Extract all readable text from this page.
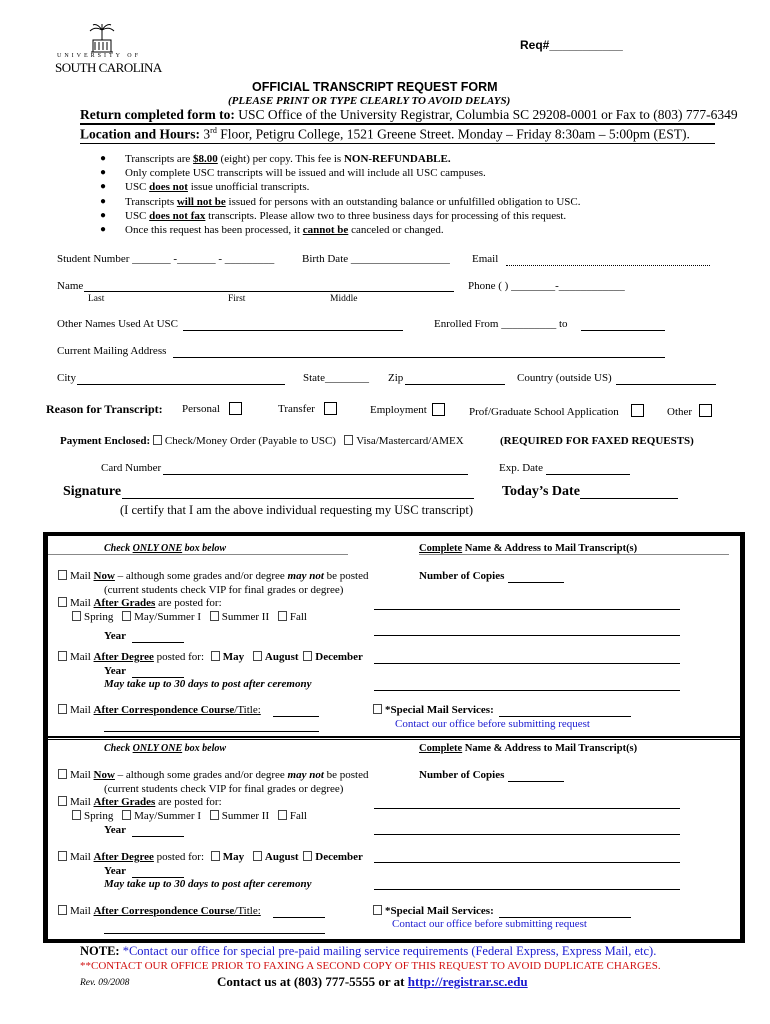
Req#___________
UNIVERSITY OF
SOUTH CAROLINA
OFFICIAL TRANSCRIPT REQUEST FORM
(PLEASE PRINT OR TYPE CLEARLY TO AVOID DELAYS)
Return completed form to: USC Office of the University Registrar, Columbia SC 29208-0001 or Fax to (803) 777-6349
Location and Hours: 3rd Floor, Petigru College, 1521 Greene Street. Monday – Friday 8:30am – 5:00pm (EST).
● Transcripts are $8.00 (eight) per copy. This fee is NON-REFUNDABLE.
● Only complete USC transcripts will be issued and will include all USC campuses.
● USC does not issue unofficial transcripts.
● Transcripts will not be issued for persons with an outstanding balance or unfulfilled obligation to USC.
● USC does not fax transcripts. Please allow two to three business days for processing of this request.
● Once this request has been processed, it cannot be canceled or changed.
Student Number _______ -_______ - _________	Birth Date __________________ Email
Name	Phone ( ) ________-____________
Last	First	Middle
Other Names Used At USC	Enrolled From __________ to
Current Mailing Address
City	State________ Zip	Country (outside US)
Reason for Transcript: Personal	Transfer	Employment	Prof/Graduate School Application	Other
Payment Enclosed: Check/Money Order (Payable to USC) Visa/Mastercard/AMEX	(REQUIRED FOR FAXED REQUESTS)
Card Number	Exp. Date
Signature	Today’s Date
(I certify that I am the above individual requesting my USC transcript)
Check ONLY ONE box below	Complete Name & Address to Mail Transcript(s)
Mail Now – although some grades and/or degree may not be posted
(current students check VIP for final grades or degree)
Number of Copies
Mail After Grades are posted for:
Spring May/Summer I Summer II Fall
Year
Mail After Degree posted for: May August December
Year
May take up to 30 days to post after ceremony
Mail After Correspondence Course/Title:	*Special Mail Services:
Contact our office before submitting request
Check ONLY ONE box below	Complete Name & Address to Mail Transcript(s)
Mail Now – although some grades and/or degree may not be posted
(current students check VIP for final grades or degree)
Number of Copies
Mail After Grades are posted for:
Spring May/Summer I Summer II Fall
Year
Mail After Degree posted for: May August December
Year
May take up to 30 days to post after ceremony
Mail After Correspondence Course/Title:	*Special Mail Services:
Contact our office before submitting request
NOTE: *Contact our office for special pre-paid mailing service requirements (Federal Express, Express Mail, etc).
**CONTACT OUR OFFICE PRIOR TO FAXING A SECOND COPY OF THIS REQUEST TO AVOID DUPLICATE CHARGES.
Rev. 09/2008	Contact us at (803) 777-5555 or at http://registrar.sc.edu
